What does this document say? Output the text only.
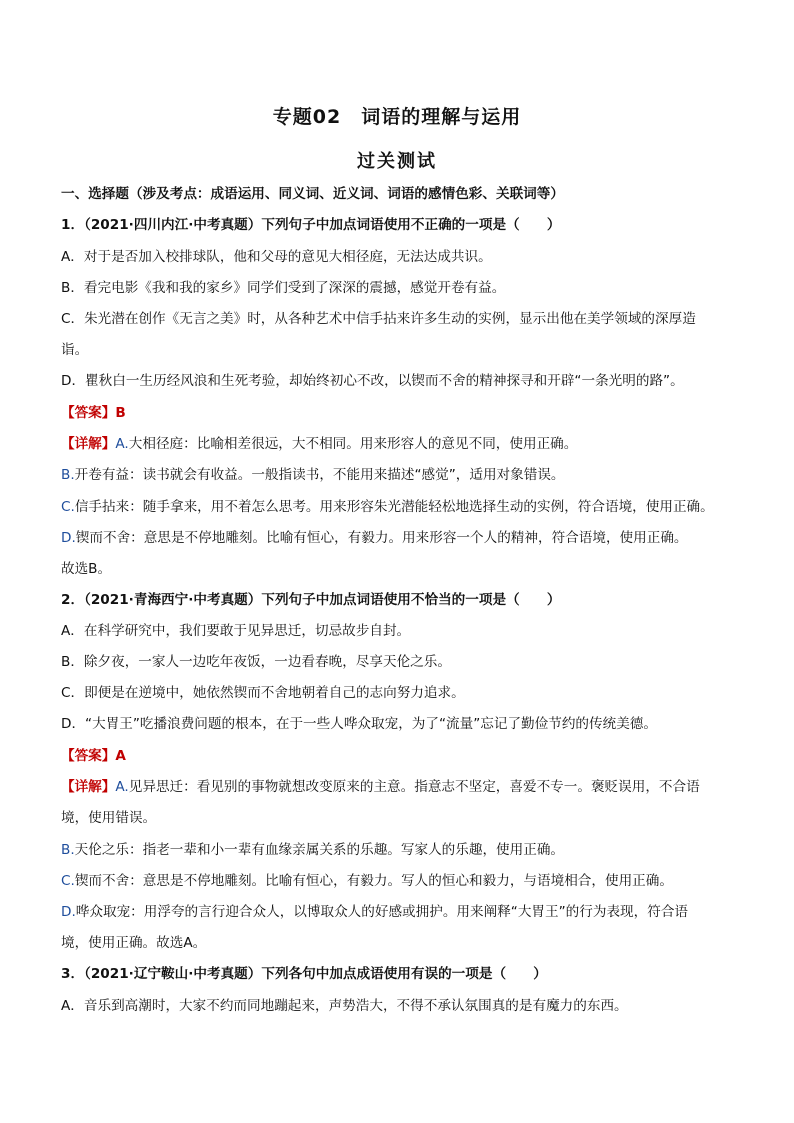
专题02　词语的理解与运用
过关测试
一、选择题（涉及考点：成语运用、同义词、近义词、词语的感情色彩、关联词等）
1．（2021·四川内江·中考真题）下列句子中加点词语使用不正确的一项是（　　）
A．对于是否加入校排球队，他和父母的意见大相径庭，无法达成共识。
B．看完电影《我和我的家乡》同学们受到了深深的震撼，感觉开卷有益。
C．朱光潜在创作《无言之美》时，从各种艺术中信手拈来许多生动的实例，显示出他在美学领域的深厚造
诣。
D．瞿秋白一生历经风浪和生死考验，却始终初心不改，以锲而不舍的精神探寻和开辟“一条光明的路”。
【答案】B
【详解】A.大相径庭：比喻相差很远，大不相同。用来形容人的意见不同，使用正确。
B.开卷有益：读书就会有收益。一般指读书，不能用来描述“感觉”，适用对象错误。
C.信手拈来：随手拿来，用不着怎么思考。用来形容朱光潜能轻松地选择生动的实例，符合语境，使用正确。
D.锲而不舍：意思是不停地雕刻。比喻有恒心，有毅力。用来形容一个人的精神，符合语境，使用正确。
故选B。
2．（2021·青海西宁·中考真题）下列句子中加点词语使用不恰当的一项是（　　）
A．在科学研究中，我们要敢于见异思迁，切忌故步自封。
B．除夕夜，一家人一边吃年夜饭，一边看春晚，尽享天伦之乐。
C．即便是在逆境中，她依然锲而不舍地朝着自己的志向努力追求。
D．“大胃王”吃播浪费问题的根本，在于一些人哗众取宠，为了“流量”忘记了勤俭节约的传统美德。
【答案】A
【详解】A.见异思迁：看见别的事物就想改变原来的主意。指意志不坚定，喜爱不专一。褒贬误用，不合语
境，使用错误。
B.天伦之乐：指老一辈和小一辈有血缘亲属关系的乐趣。写家人的乐趣，使用正确。
C.锲而不舍：意思是不停地雕刻。比喻有恒心，有毅力。写人的恒心和毅力，与语境相合，使用正确。
D.哗众取宠：用浮夸的言行迎合众人，以博取众人的好感或拥护。用来阐释“大胃王”的行为表现，符合语
境，使用正确。故选A。
3．（2021·辽宁鞍山·中考真题）下列各句中加点成语使用有误的一项是（　　）
A．音乐到高潮时，大家不约而同地蹦起来，声势浩大，不得不承认氛围真的是有魔力的东西。
